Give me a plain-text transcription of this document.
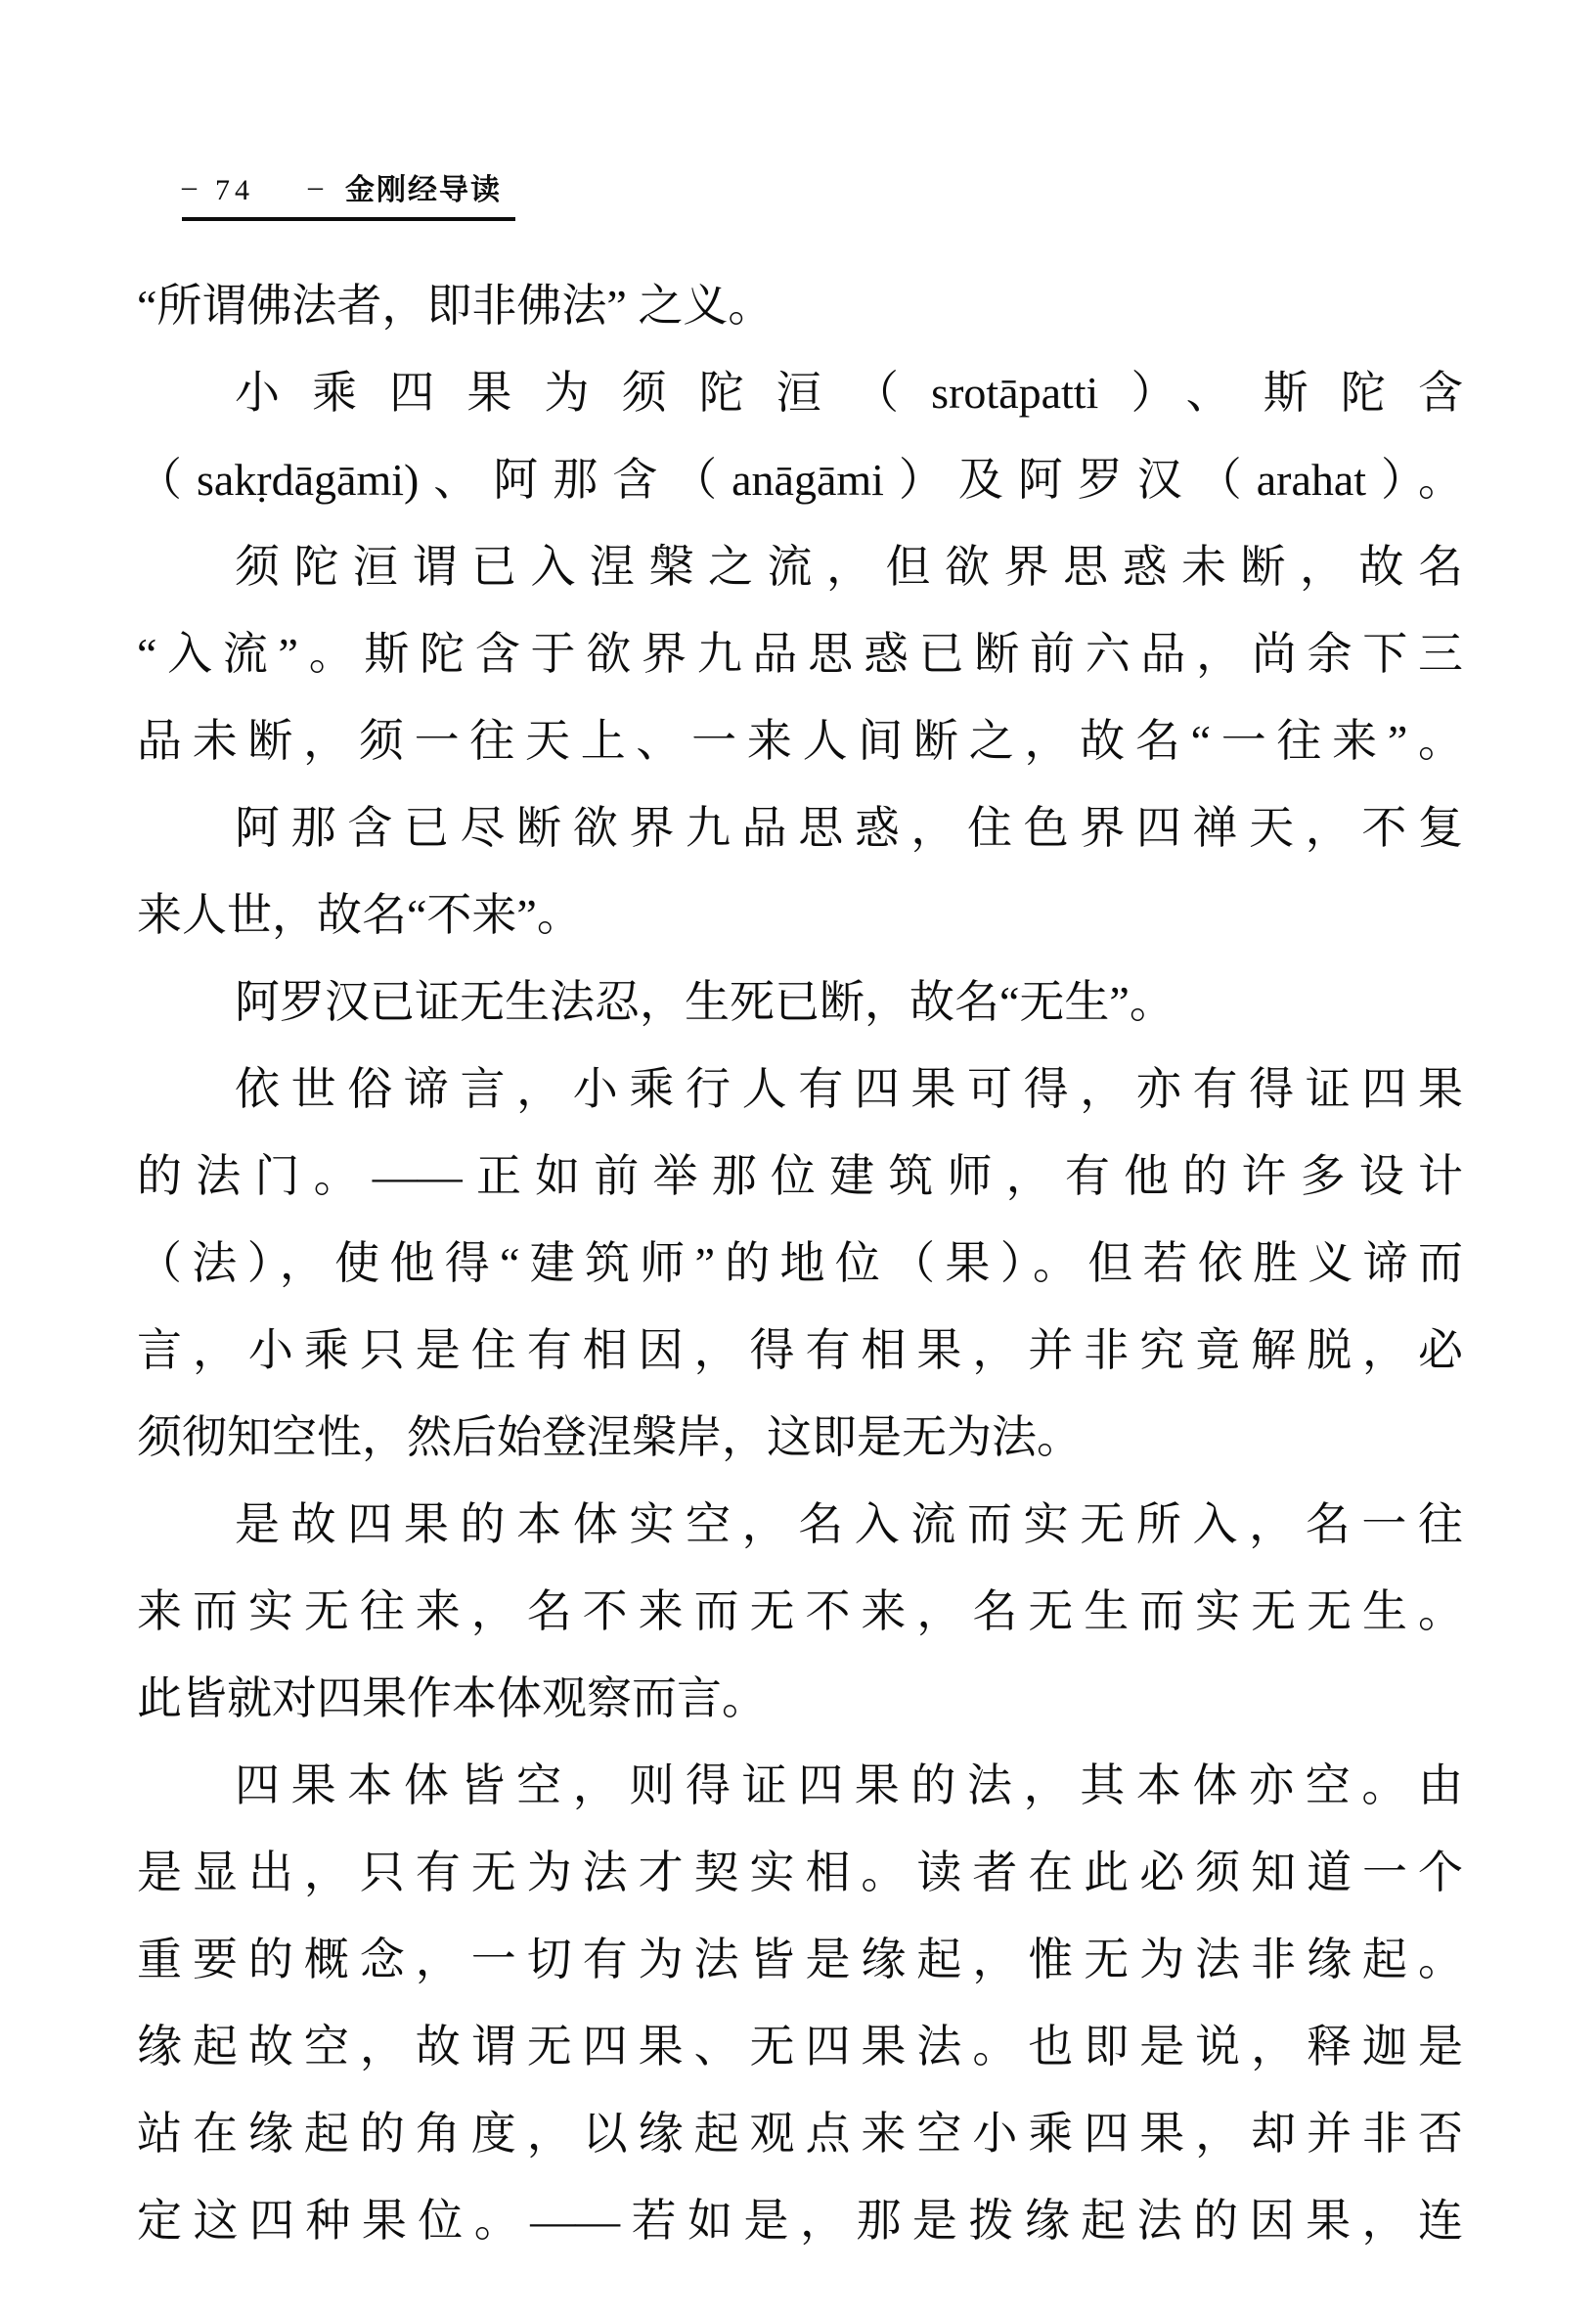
– 74 – 金刚经导读
“所谓佛法者，即非佛法” 之义。
小乘四果为须陀洹（srotāpatti）、斯陀含
（sakṛdāgāmi)、阿那含（anāgāmi）及阿罗汉（arahat）。
须陀洹谓已入涅槃之流，但欲界思惑未断，故名
“入流”。斯陀含于欲界九品思惑已断前六品，尚余下三
品未断，须一往天上、一来人间断之，故名“一往来”。
阿那含已尽断欲界九品思惑，住色界四禅天，不复
来人世，故名“不来”。
阿罗汉已证无生法忍，生死已断，故名“无生”。
依世俗谛言，小乘行人有四果可得，亦有得证四果
的法门。——正如前举那位建筑师，有他的许多设计
（法），使他得“建筑师”的地位（果）。但若依胜义谛而
言，小乘只是住有相因，得有相果，并非究竟解脱，必
须彻知空性，然后始登涅槃岸，这即是无为法。
是故四果的本体实空，名入流而实无所入，名一往
来而实无往来，名不来而无不来，名无生而实无无生。
此皆就对四果作本体观察而言。
四果本体皆空，则得证四果的法，其本体亦空。由
是显出，只有无为法才契实相。读者在此必须知道一个
重要的概念，一切有为法皆是缘起，惟无为法非缘起。
缘起故空，故谓无四果、无四果法。也即是说，释迦是
站在缘起的角度，以缘起观点来空小乘四果，却并非否
定这四种果位。——若如是，那是拨缘起法的因果，连
